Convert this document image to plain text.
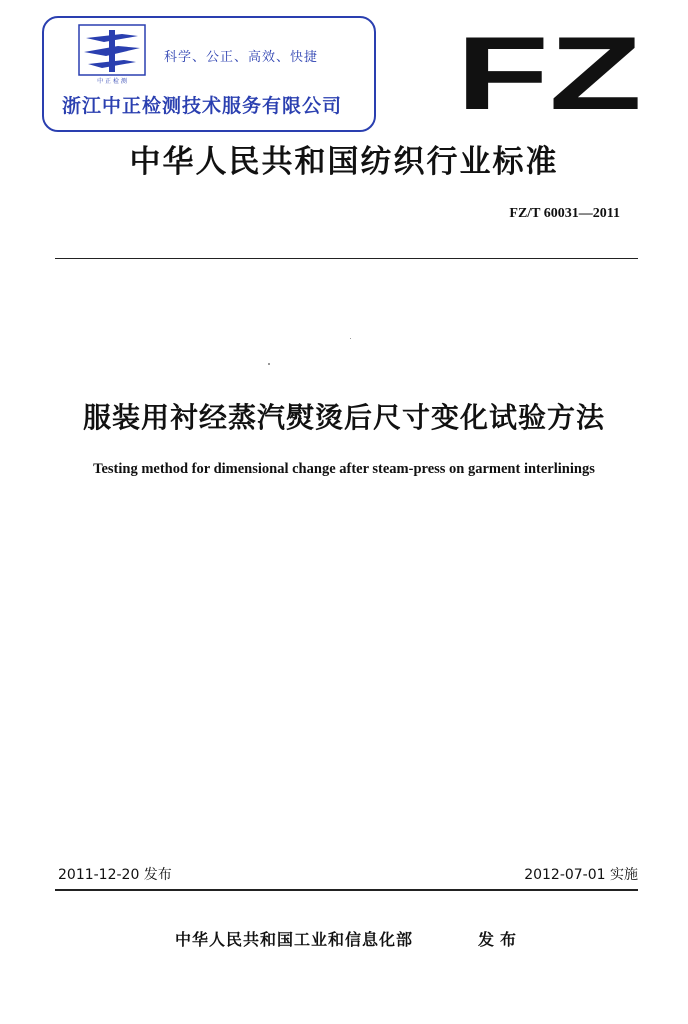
中 正 检 测
科学、公正、高效、快捷
浙江中正检测技术服务有限公司 FZ
中华人民共和国纺织行业标准
FZ/T 60031—2011
服装用衬经蒸汽熨烫后尺寸变化试验方法
Testing method for dimensional change after steam-press on garment interlinings
2011-12-20 发布	2012-07-01 实施
中华人民共和国工业和信息化部	发布
